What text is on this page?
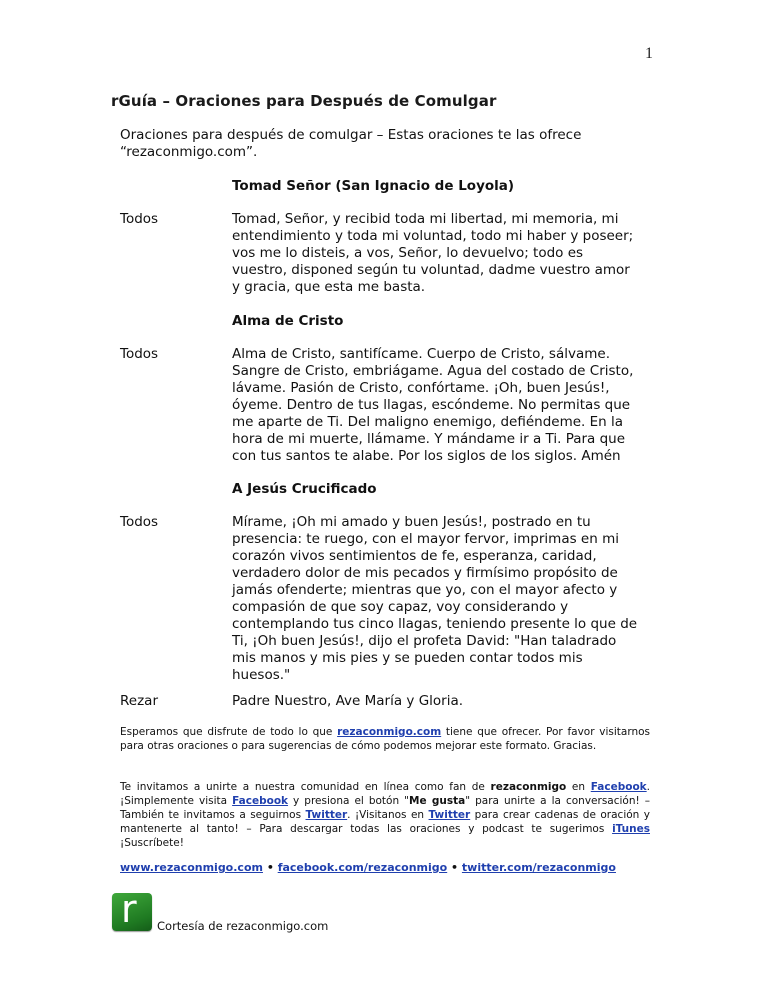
1
rGuía – Oraciones para Después de Comulgar
Oraciones para después de comulgar – Estas oraciones te las ofrece “rezaconmigo.com”.
Tomad Señor (San Ignacio de Loyola)
Todos	Tomad, Señor, y recibid toda mi libertad, mi memoria, mi
entendimiento y toda mi voluntad, todo mi haber y poseer;
vos me lo disteis, a vos, Señor, lo devuelvo; todo es
vuestro, disponed según tu voluntad, dadme vuestro amor
y gracia, que esta me basta.
Alma de Cristo
Todos	Alma de Cristo, santifícame. Cuerpo de Cristo, sálvame.
Sangre de Cristo, embriágame. Agua del costado de Cristo,
lávame. Pasión de Cristo, confórtame. ¡Oh, buen Jesús!,
óyeme. Dentro de tus llagas, escóndeme. No permitas que
me aparte de Ti. Del maligno enemigo, defiéndeme. En la
hora de mi muerte, llámame. Y mándame ir a Ti. Para que
con tus santos te alabe. Por los siglos de los siglos. Amén
A Jesús Crucificado
Todos	Mírame, ¡Oh mi amado y buen Jesús!, postrado en tu
presencia: te ruego, con el mayor fervor, imprimas en mi
corazón vivos sentimientos de fe, esperanza, caridad,
verdadero dolor de mis pecados y firmísimo propósito de
jamás ofenderte; mientras que yo, con el mayor afecto y
compasión de que soy capaz, voy considerando y
contemplando tus cinco llagas, teniendo presente lo que de
Ti, ¡Oh buen Jesús!, dijo el profeta David: "Han taladrado
mis manos y mis pies y se pueden contar todos mis
huesos."
Rezar	Padre Nuestro, Ave María y Gloria.
Esperamos que disfrute de todo lo que rezaconmigo.com tiene que ofrecer. Por favor visitarnos para otras oraciones o para sugerencias de cómo podemos mejorar este formato. Gracias.
Te invitamos a unirte a nuestra comunidad en línea como fan de rezaconmigo en Facebook. ¡Simplemente visita Facebook y presiona el botón "Me gusta" para unirte a la conversación! – También te invitamos a seguirnos Twitter. ¡Visitanos en Twitter para crear cadenas de oración y mantenerte al tanto! – Para descargar todas las oraciones y podcast te sugerimos iTunes ¡Suscríbete!
www.rezaconmigo.com • facebook.com/rezaconmigo • twitter.com/rezaconmigo
r Cortesía de rezaconmigo.com
